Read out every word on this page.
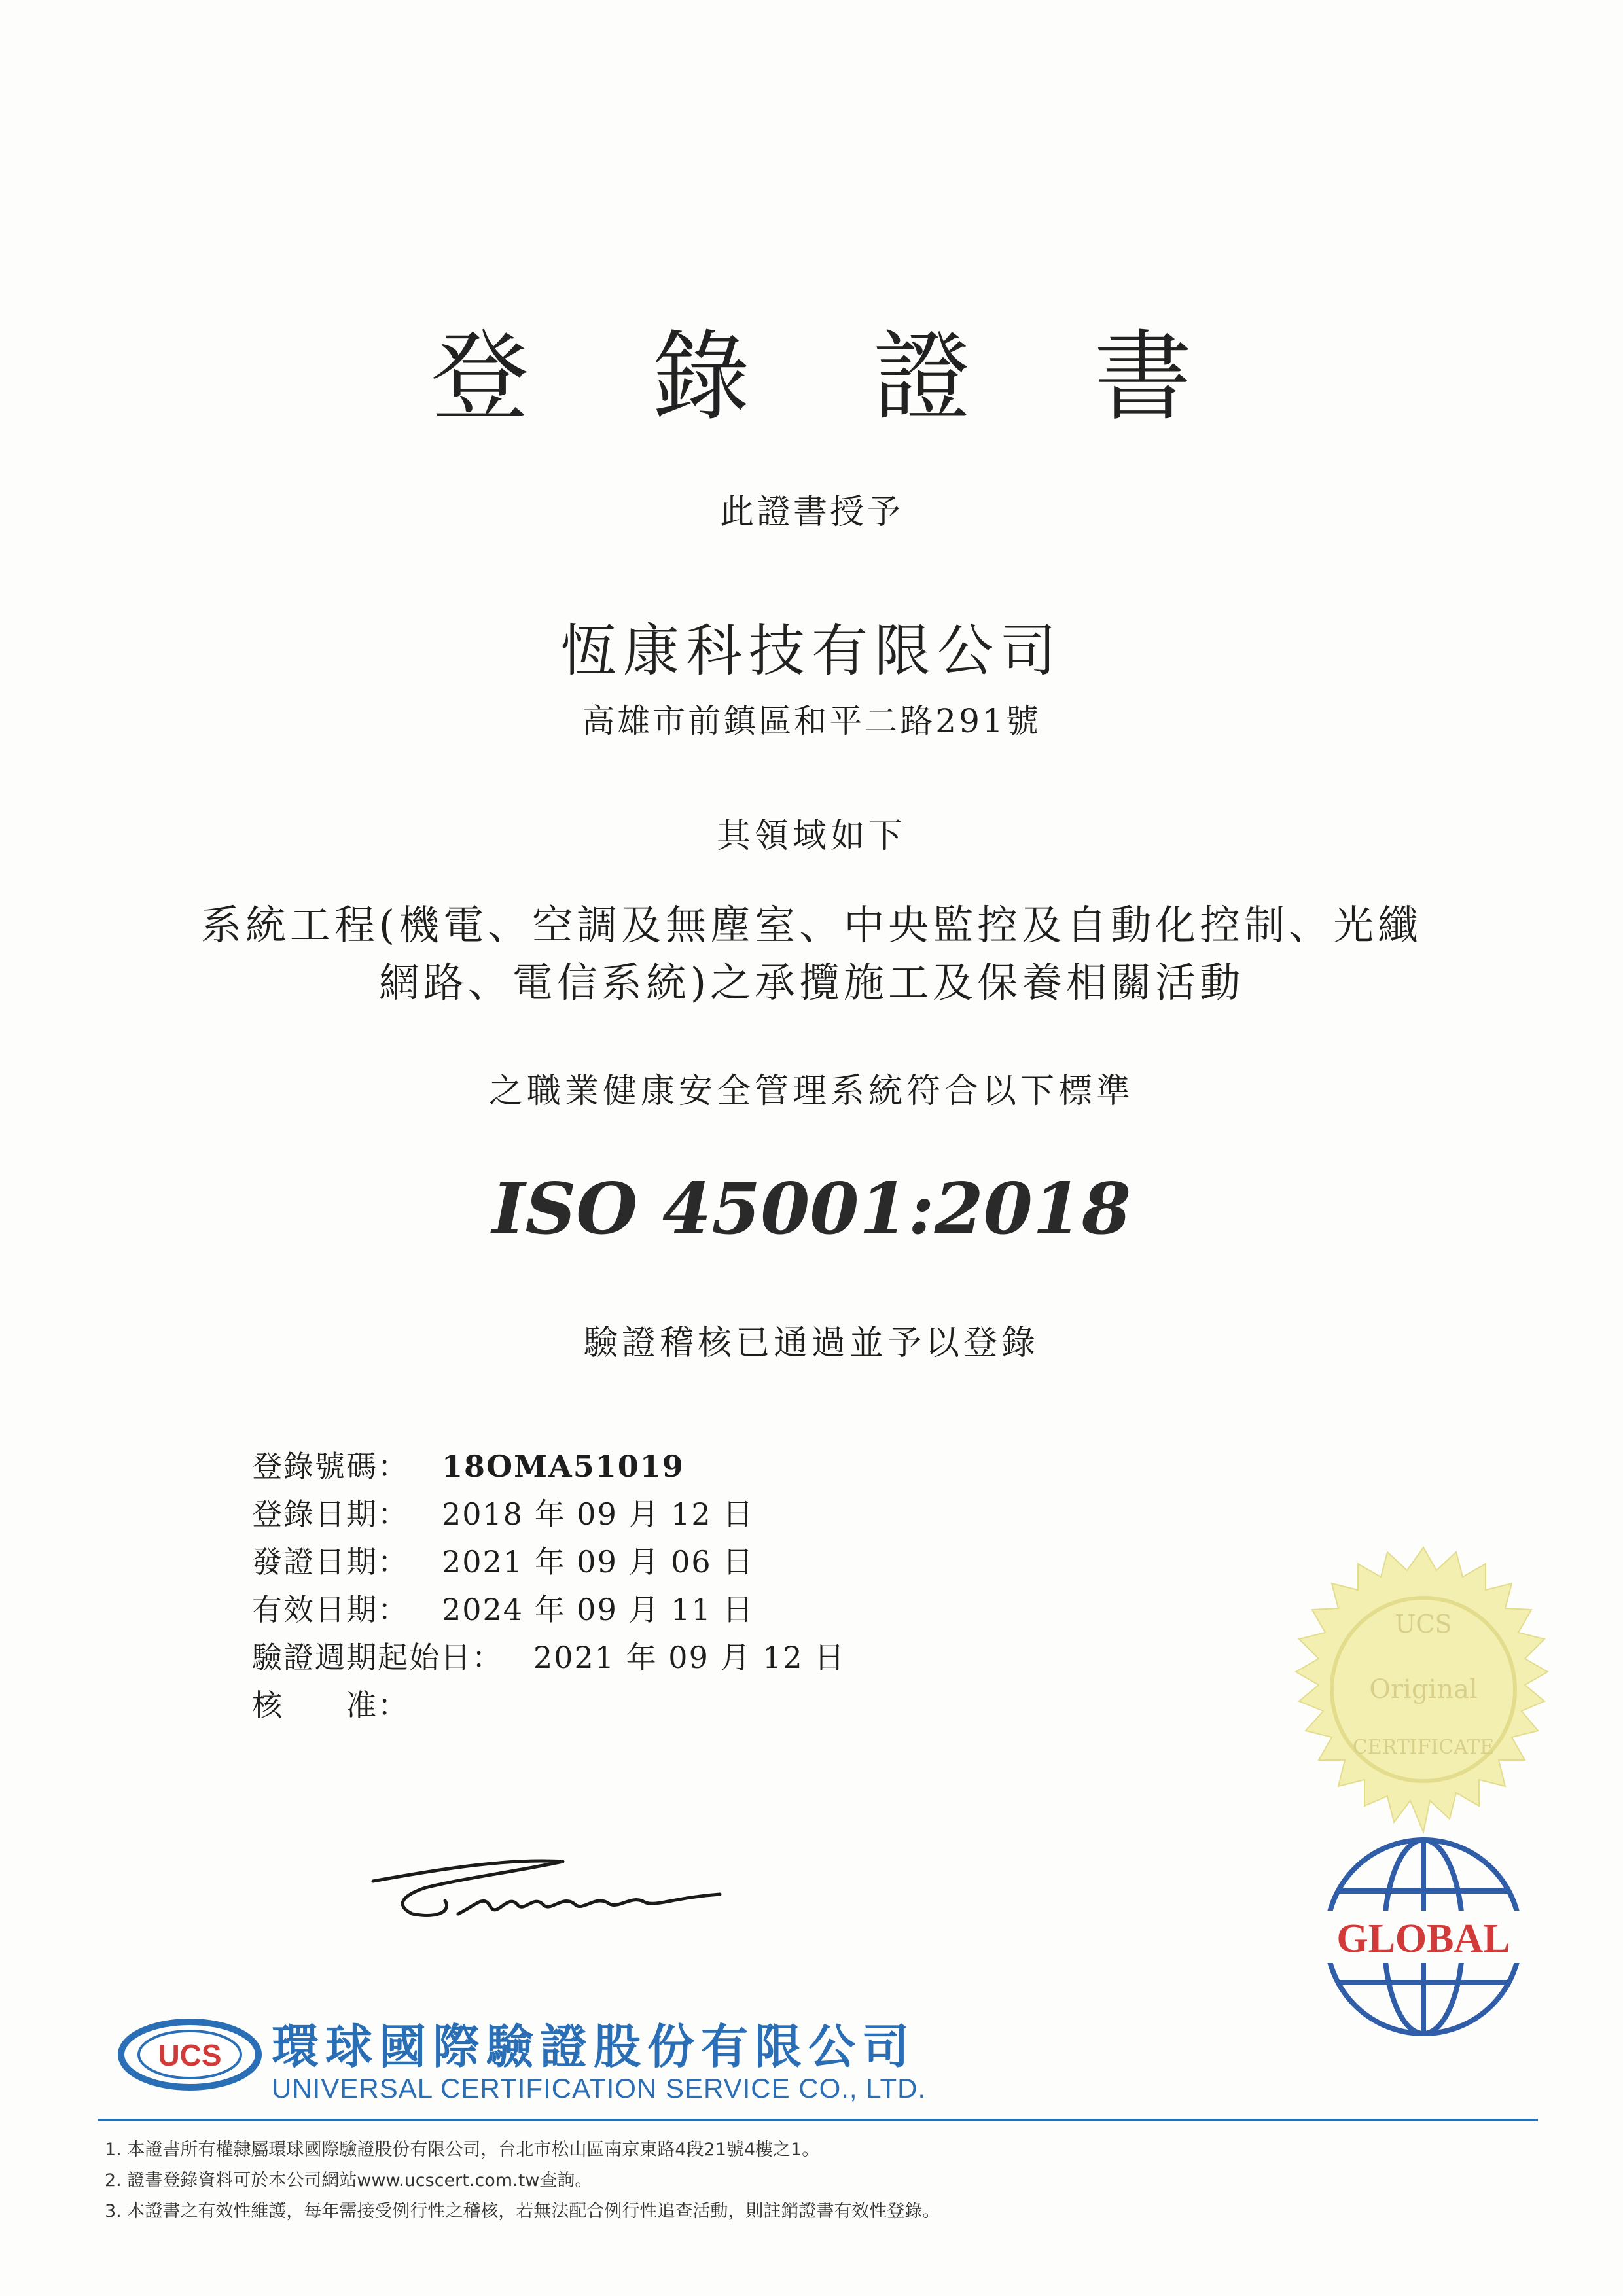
登 錄 證 書
此證書授予
恆康科技有限公司
高雄市前鎮區和平二路291號
其領域如下
系統工程(機電、空調及無塵室、中央監控及自動化控制、光纖
網路、電信系統)之承攬施工及保養相關活動
之職業健康安全管理系統符合以下標準
ISO 45001:2018
驗證稽核已通過並予以登錄
登錄號碼： 18OMA51019
登錄日期： 2018 年 09 月 12 日
發證日期： 2021 年 09 月 06 日
有效日期： 2024 年 09 月 11 日
驗證週期起始日： 2021 年 09 月 12 日
核　　准：
UCS
Original
CERTIFICATE
GLOBAL
UCS 環球國際驗證股份有限公司
UNIVERSAL CERTIFICATION SERVICE CO., LTD.
1. 本證書所有權隸屬環球國際驗證股份有限公司，台北市松山區南京東路4段21號4樓之1。
2. 證書登錄資料可於本公司網站www.ucscert.com.tw查詢。
3. 本證書之有效性維護，每年需接受例行性之稽核，若無法配合例行性追查活動，則註銷證書有效性登錄。
